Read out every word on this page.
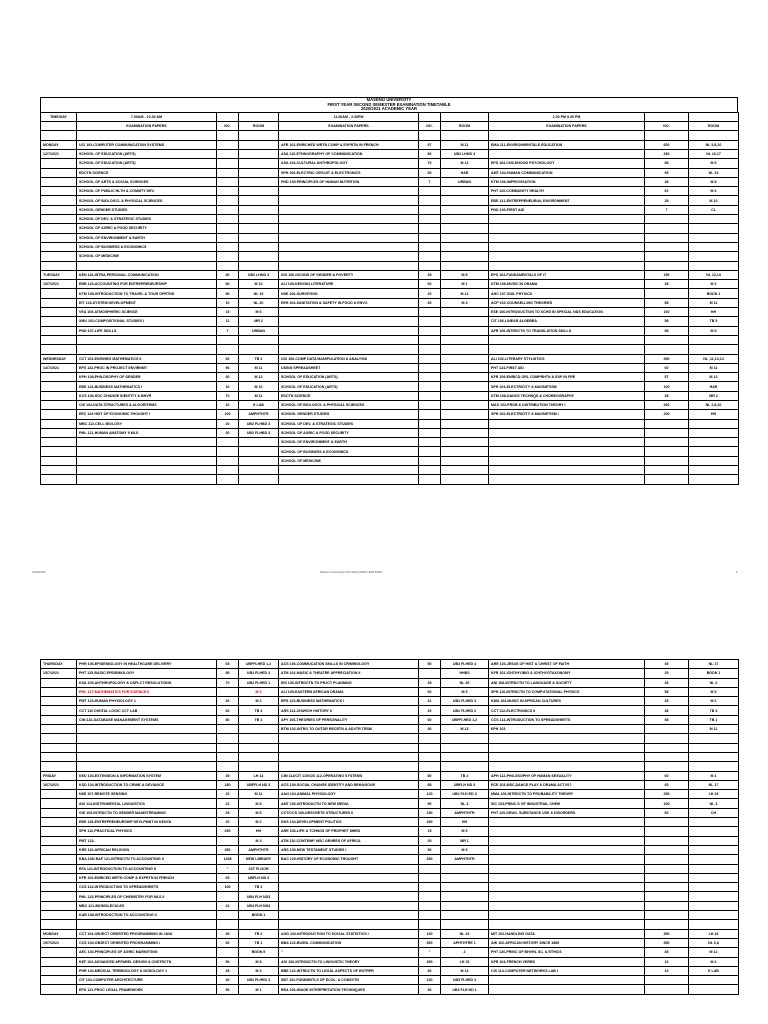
MASENO UNIVERSITY
FIRST YEAR SECOND SEMESTER EXAMINATION TIMETABLE
2020/2021 ACADEMIC YEAR
TIME/DAY	7.00AM - 10.30 AM			11.00AM - 2.00PM			2.30 PM 5.30 PM		
	EXAMINATION PAPERS	NO.	ROOM	EXAMINATION PAPERS	NO.	ROOM	EXAMINATION PAPERS	NO.	ROOM

MONDAY	UCI 103-COMPUTER COMMUNICATION SYSTEMS			AFR 102-ENRICHED WRTN COMP & EXPRTN IN FRENCH	57	M 11	EMA 111-ENVIRONMENTALE EDUCATION	600	NL 5,8,10
12/7/2021	SCHOOL OF EDUCATION (ARTS)			ASA 110-ETHNOGRAPHY OF COMMUNICATION	80	UB2 LHND 3		430	NL 16,17
	SCHOOL OF EDUCATION (ARTS)			ASA 104-CULTURAL ANTHROPOLOGY	70	M 12	EPS 104-CHILDHOOD PSYCHOLOGY	58	M 6
	EDCTN SCIENCE			SPH 106-ELECTRIC CIRCUIT & ELECTRONICS	50	HAR	AMT 104-HUMAN COMMUNICATION	95	NL 13
	SCHOOL OF ARTS & SOCIAL SCIENCES			PND 105-PRINCIPLES OF HUMAN NUTRITION	7	URBAN	KTM 106-IMPROVISATION	28	M 8
	SCHOOL OF PUBLIC HLTH & COMMTY DEV.						PHT 120-COMMUNITY HEALTH	62	M 4
	SCHOOL OF BIOLOGCL & PHYSICAL SCIENCES						EBE 121-ENTREPRENEURIAL ENVIRONMENT	28	M 10
	SCHOOL GENDER STUDIES						PND 106-FIRST AID	7	CL
	SCHOOL OF DEV. & STRATEGIC STUDIES								
	SCHOOL OF AGRIC & FOOD SECURITY								
	SCHOOL OF ENVIRONMENT & EARTH								
	SCHOOL OF BUSINESS & ECONOMICS								
	SCHOOL OF MEDICINE								

TUESDAY	KEN 116-INTRA-PERSONAL COMMUNICATION	80	UB2 LHND 3	IGS 106-ISCONS OF GENDER & POVERTY	25	M 8	EPS 104-FUNDAMENTALS OF IT	150	NL 12,13
13/7/2021	EBB 123-ACCOUNTING FOR ENTREPRENEURSHIP	80	M 12	ALI 108-KENYAN LITERATURE	60	M 1	KTM 108-MUSIC IN DRAMA	28	M 2
	KTM 108-INTRODUCTION TO TRAVEL & TOUR OPRTNS	80	NL 19	NSE 106-SURVEYING	20	M 12	AHC 107-SOIL PHYSICS		BGDN 1
	EIT 123-SYSTEM DEVELOPMENT	10	NL 20	EEH 104-SANITATION & SAFETY IN FOOD & ENVO	30	M 4	ACP 103-COUNSELLING THEORIES	58	M 11
	VEA 105-ATMOSPHERIC SCIENCE	15	M 6				ESE 106-INTRODUCTION TO SCHD IN SPECIAL NDS EDUCATION	160	HH
	XMU 102-COMPOSITIONAL STUDIES I	12	MR 2				CIT 106-LINEAR ALGEBRA	58	TB 5
	PND 107-LIFE SKILLS	7	URBAN				AFR 106-INTRDCTN TO TRANSLATION SKILLS	58	M 5

WEDNESDAY	CCT 102-ENGINRG MATHEMATICS II	60	TB 2	UCI 106-COMP DATA MANIPULATION & ANALYSIS			ALI 102-LITERARY STYLISTICS	450	NL ,11,13,14
14/7/2021	EPS 122-PROC IN PROJECT ENVIRNMT	96	M 11	USING SPREADSHEET			PHT 124-FIRST AID	60	M 11
	KPH 108-PHILOSOPHY OF GENDER	40	M 12	SCHOOL OF EDUCATION (ARTS)			KFR 109-ENRICD ORL COMPRHTN & EXP IN FRE	57	M 12
	EBE 124-BUSINESS MATHEMATICS I	10	M 10	SCHOOL OF EDUCATION (ARTS)			SPH 104-ELECTRICITY & MAGNETISM	100	HAR
	KCS 106-SOC CHANGE IDENTITY & BHVR	70	M 11	EDCTN SCIENCE			KTM 108-DANCE TECHNQS & CHOREOGRAPHY	28	MR 2
	CIS 102-DATA STRUCTURES & ALGORITHMS	10	E LAB	SCHOOL OF BIOLOGCL & PHYSICAL SCIENCES			MAS 102-PROB & DISTRIBUTION THEORY I	260	NL 2,8,10
	EEC 124 HIST OF ECONOMIC THOUGHT I	100	AMPHTHTR	SCHOOL GENDER STUDIES			SPH 102-ELECTRICITY & MAGNETISM I	200	HH
	MBC 112-CELL BIOLOGY	20	UB2 FLHBD 3	SCHOOL OF DEV. & STRATEGIC STUDIES					
	PML 121-HUMAN ANATOMY II MLS	30	UB2 FLHBD 3	SCHOOL OF AGRIC & FOOD SECURITY					
				SCHOOL OF ENVIRONMENT & EARTH					
				SCHOOL OF BUSINESS & ECONOMICS					
				SCHOOL OF MEDICINE					

12/6/2020	Maseno University ISO 9001:2008 CERTIFIED	1
THURSDAY	PHR 106-EPIDEMIOLOGY IN HEALTHCARE DELIVERY	65	UBFFLHED 1,2	ACS 106-COMMUCATION SKILLS IN CRIMINOLOGY	50	UB2 FLHED 4	ARE 103-JESUS OF HIST & CHRIST OF FAITH	45	NL 17
15/7/2021	PHT 125-BASIC EPIDEMIOLOGY	85	UB2 FLHED 4	ATM 102-MUSIC & THEATRE APPRECIATION II		HHBS	KFR 102-ICHTHYOBIO & ICHTHYOTAXONOMY	29	BGDN 1
	KSA 105-ANTHROPOLOGY & CNFLCT RESOLUTIONS	70	UB2 FLHED 1	EIS 106-INTRDCTN TO PRJCT PLANNING	25	NL 26	ANI 108-INTRDCTN TO LANGUAGE & SOCIETY	28	NL 2
	PML 127-MATHEMATICS FOR SCIENCE II		M 2	ALI 109-EASTERN AFRICAN DRAMA	60	M 5	SPH 110-INTRDCTN TO COMPUTATIONAL PHYSICS	58	M 5
	PMT 123-HUMAN PHYSIOLOGY 1	30	M 2	BPS 123-BUSINESS MATHEMATICS I	61	UB2 FLHED 3	KMU 104-MUSIC IN AFRICAN CULTURES	25	M 2
	CCT 110 DIGITAL LOGIC CCT LAB	60	TB 4	ARS 112-CHURCH HISTORY II	20	UB2 FLHED 2	CCT 112-ELECTRONICS II	38	TB 3
	CIM 116-DATABASE MANAGEMENT SYSTEMS	80	TB 1	APY 106-THEORIES OF PERSONALITY	60	UBFFLHED 1,2	CCS 114-INTRODUCTION TO SPREADSHEETS	58	TB 1
				BTM 102-INTRO TO OUTDR RECRTN & ADVTR TRSM	40	M 13	EPH 103		M 11

FRIDAY	KED 103-EXTENSION & INFORMATION SYSTEM	35	LH 14	CIM 112/CIT 110/CIS 112-OPERATING SYSTEMS	80	TB 2	APH 112-PHILOSOPHY OF HUMAN SEXUALITY	60	M 1
16/7/2021	KSD 104-INTRODUCTION TO CRIME & DEVIANCE	180	UBFFLH ND 3	ACS 109-SOCIAL CHANGE IDENTITY AND BEHAVIOUR	85	UBFLH ND 3	ECE 103-MSC,DANCE PLAY & DRAMA ACTVS?	65	NL 17
	NSE 107-REMOTE SENSING	20	M 11	AAN 104-ANIMAL PHYSIOLOGY	120	UB2 FLH ED 3	MMA 106-INTRDCTN TO PROBABILITY THEORY	250	LH 15
	AKI 114-INSTRUMENTAL LINGUISTICS	22	M 8	AMT 106-INTRODUCTN TO NEW MEDIA	90	NL 3	SIC 103-PRINC.S OF INDUSTRIAL CHEM	100	NL 3
	GIS 103-INTRDCTN TO GENDER MAINSTREAMING	25	M 5	CCT/CCS 106-DESCRETE STRUCTURES II	150	AMPHTHTR	PHT 120-DRUG, SUBSTANCE USE & DISORDERS	60	CH
	EBE 125-ENTREPRENEURSHIP DEVLPMNT IN KENYA	20	M 2	DDS 104-DEVELOPMENT POLITICS	250	HH			
	SPH 112-PRACTICAL PHYSICS	250	HH	ARE 106-LIFE & TCHNGS OF PROPHET MHED	15	M 5			
	PMT 122-		M 3	ATM 110-CONTEMP. MSC GENRES OF AFRICA	20	MR 1			
	KRE 110-AFRICAN RELIGION	350	AMPHTHTR	ARS 105-NEW TESTAMENT STUDIES I	50	M 5			
	KBA 108/ BAF 121-INTRDCTN TO ACCOUNTING II	1208	NEW LIBRARY	BAC 120-HISTORY OF ECONOMIC THOUGHT	250	AMPHTHTR			
	EFA 121-INTRODUCTION TO ACCOUNTING II	"	1ST FLOOR						
	KFR 102-ENRICED WRTN COMP & EXPRTN IN FRENCH	65	UBFLH ND 3						
	CCS 114-INTRODUCTION TO SPREADSHEETS	100	TB 2						
	PML 123-PRINCIPLES OF CHEMISTRY FOR MLS II		UB4 FLH ND3						
	MBC 121-BIOMOLECULES	22	UB4 FLH ND3						
	KAB 108-INTRODUCTION TO ACCOUNTING II		BGDN 1						

MONDAY	CCT 104-OBJECT ORIENTED PROGRAMMING IN JAVA	30	TB 2	AGD 102-INTRODUCTION TO SOCIAL STATISTICS I	130	NL 19	MIT 102-HANDLING DATA	350	LH 15
19/7/2021	CCS 104-OBJECT ORIENTED PROGRAMMING I	60	TB 1	BBA 122-BUSNL COMMUNICATION	300	APHTHTRE 1	AHI 102-AFRICAN HISTORY SINCE 1885	350	NL 6,8
	AEC 103-PRINCIPLES OF AGRIC MARKETING		BGDN 5	"	"	2	PHT 126-PRINC OF BHVRL SC. & ETHICS	45	M 12
	KEF 102-ADVANCED APPAREL DESIGN & CNSTRCTN	50	M 8	AKI 106-INTRODCTN TO LINGUISTIC THEORY	250	LH 15	KFR 104-FRENCH VERBS	10	M 4
	PHR 104-MEDICAL TERMINOLOGY & NOSOLOGY 1	45	M 3	BBE 122-INTRDCTN TO LEGAL ASPECTS OF ENTRPR	30	M 13	CIS 114-COMPUTER NETWORKS LAB I	10	E LAB
	CIT 104-COMPUTER ARCHITECTURE	40	UB2 FLHED 3	SBT 102-FUNDMNTLS OF ECOL. & CONSVTN	130	UB3 FLHED 3			
	EPS 121-PROC LEGAL FRAMEWORK	96	M 1	BEA 106-IMAGE INTERPRETATION TECHNIQUES	30	UB3 FLH ND 1			
